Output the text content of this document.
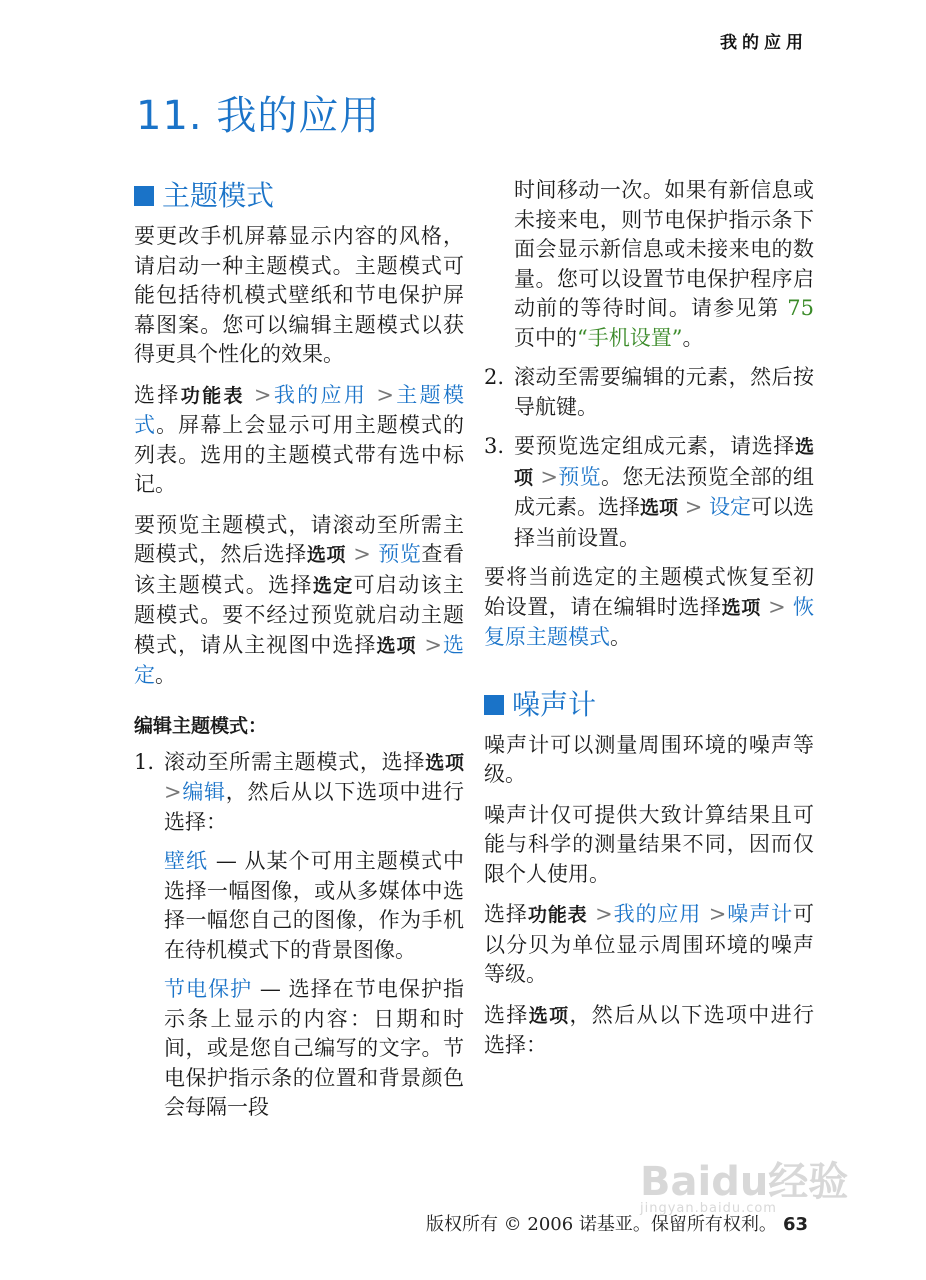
我的应用
11. 我的应用
主题模式

要更改手机屏幕显示内容的风格，请启动一种主题模式。主题模式可能包括待机模式壁纸和节电保护屏幕图案。您可以编辑主题模式以获得更具个性化的效果。

选择功能表 >我的应用 >主题模式。屏幕上会显示可用主题模式的列表。选用的主题模式带有选中标记。

要预览主题模式，请滚动至所需主题模式，然后选择选项 > 预览查看该主题模式。选择选定可启动该主题模式。要不经过预览就启动主题模式，请从主视图中选择选项 >选定。

编辑主题模式：
1. 滚动至所需主题模式，选择选项 >编辑，然后从以下选项中进行选择：

壁纸 — 从某个可用主题模式中选择一幅图像，或从多媒体中选择一幅您自己的图像，作为手机在待机模式下的背景图像。

节电保护 — 选择在节电保护指示条上显示的内容：日期和时间，或是您自己编写的文字。节电保护指示条的位置和背景颜色会每隔一段

时间移动一次。如果有新信息或未接来电，则节电保护指示条下面会显示新信息或未接来电的数量。您可以设置节电保护程序启动前的等待时间。请参见第 75 页中的“手机设置”。

2. 滚动至需要编辑的元素，然后按导航键。

3. 要预览选定组成元素，请选择选项 >预览。您无法预览全部的组成元素。选择选项 > 设定可以选择当前设置。

要将当前选定的主题模式恢复至初始设置，请在编辑时选择选项 > 恢复原主题模式。

噪声计

噪声计可以测量周围环境的噪声等级。

噪声计仅可提供大致计算结果且可能与科学的测量结果不同，因而仅限个人使用。

选择功能表 >我的应用 >噪声计可以分贝为单位显示周围环境的噪声等级。

选择选项，然后从以下选项中进行选择：

Baidu经验
jingyan.baidu.com
版权所有 © 2006 诺基亚。保留所有权利。 63
